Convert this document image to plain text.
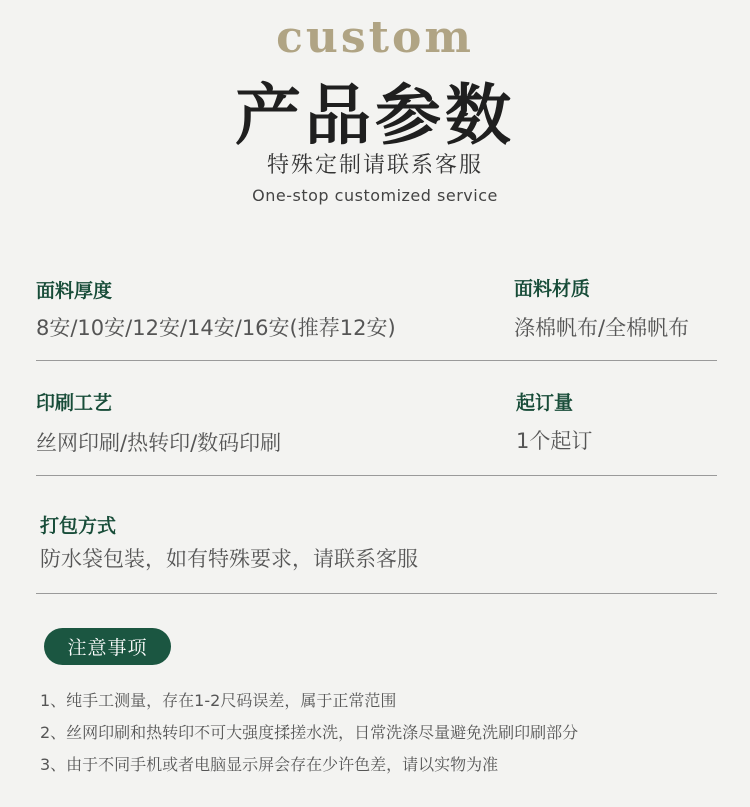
custom
产品参数
特殊定制请联系客服
One-stop customized service
面料厚度
8安/10安/12安/14安/16安(推荐12安)
面料材质
涤棉帆布/全棉帆布
印刷工艺
丝网印刷/热转印/数码印刷
起订量
1个起订
打包方式
防水袋包装，如有特殊要求，请联系客服
注意事项
1、纯手工测量，存在1-2尺码误差，属于正常范围
2、丝网印刷和热转印不可大强度揉搓水洗，日常洗涤尽量避免洗刷印刷部分
3、由于不同手机或者电脑显示屏会存在少许色差，请以实物为准
